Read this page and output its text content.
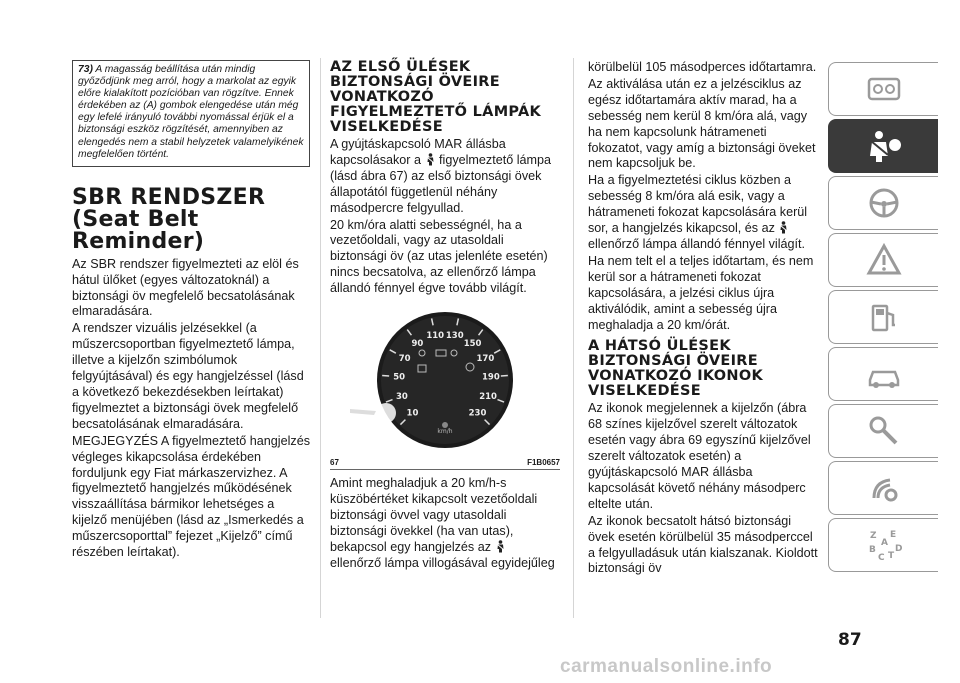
73) A magasság beállítása után mindig győződjünk meg arról, hogy a markolat az egyik előre kialakított pozícióban van rögzítve. Ennek érdekében az (A) gombok elengedése után még egy lefelé irányuló további nyomással érjük el a biztonsági eszköz rögzítését, amennyiben az elengedés nem a stabil helyzetek valamelyikének megfelelően történt.
SBR RENDSZER (Seat Belt Reminder)

Az SBR rendszer figyelmezteti az elöl és hátul ülőket (egyes változatoknál) a biztonsági öv megfelelő becsatolásának elmaradására.

A rendszer vizuális jelzésekkel (a műszercsoportban figyelmeztető lámpa, illetve a kijelzőn szimbólumok felgyújtásával) és egy hangjelzéssel (lásd a következő bekezdésekben leírtakat) figyelmeztet a biztonsági övek megfelelő becsatolásának elmaradására.

MEGJEGYZÉS A figyelmeztető hangjelzés végleges kikapcsolása érdekében forduljunk egy Fiat márkaszervizhez. A figyelmeztető hangjelzés működésének visszaállítása bármikor lehetséges a kijelző menüjében (lásd az „Ismerkedés a műszercsoporttal” fejezet „Kijelző” című részében leírtakat).

AZ ELSŐ ÜLÉSEK BIZTONSÁGI ÖVEIRE VONATKOZÓ FIGYELMEZTETŐ LÁMPÁK VISELKEDÉSE

A gyújtáskapcsoló MAR állásba kapcsolásakor a figyelmeztető lámpa (lásd ábra 67) az első biztonsági övek állapotától függetlenül néhány másodpercre felgyullad.

20 km/óra alatti sebességnél, ha a vezetőoldali, vagy az utasoldali biztonsági öv (az utas jelenléte esetén) nincs becsatolva, az ellenőrző lámpa állandó fénnyel égve tovább világít.

10
30
50
70
90
110 130
150
170
190
210
230
km/h
67	F1B0657

Amint meghaladjuk a 20 km/h-s küszöbértéket kikapcsolt vezetőoldali biztonsági övvel vagy utasoldali biztonsági övekkel (ha van utas), bekapcsol egy hangjelzés az  ellenőrző lámpa villogásával egyidejűleg

körülbelül 105 másodperces időtartamra.

Az aktiválása után ez a jelzésciklus az egész időtartamára aktív marad, ha a sebesség nem kerül 8 km/óra alá, vagy ha nem kapcsolunk hátrameneti fokozatot, vagy amíg a biztonsági öveket nem kapcsoljuk be.

Ha a figyelmeztetési ciklus közben a sebesség 8 km/óra alá esik, vagy a hátrameneti fokozat kapcsolására kerül sor, a hangjelzés kikapcsol, és az  ellenőrző lámpa állandó fénnyel világít.

Ha nem telt el a teljes időtartam, és nem kerül sor a hátrameneti fokozat kapcsolására, a jelzési ciklus újra aktiválódik, amint a sebesség újra meghaladja a 20 km/órát.

A HÁTSÓ ÜLÉSEK BIZTONSÁGI ÖVEIRE VONATKOZÓ IKONOK VISELKEDÉSE

Az ikonok megjelennek a kijelzőn (ábra 68 színes kijelzővel szerelt változatok esetén vagy ábra 69 egyszínű kijelzővel szerelt változatok esetén) a gyújtáskapcsoló MAR állásba kapcsolását követő néhány másodperc eltelte után.

Az ikonok becsatolt hátsó biztonsági övek esetén körülbelül 35 másodperccel a felgyulladásuk után kialszanak. Kioldott biztonsági öv

Z E
A
B
C T
D
87
carmanualsonline.info
